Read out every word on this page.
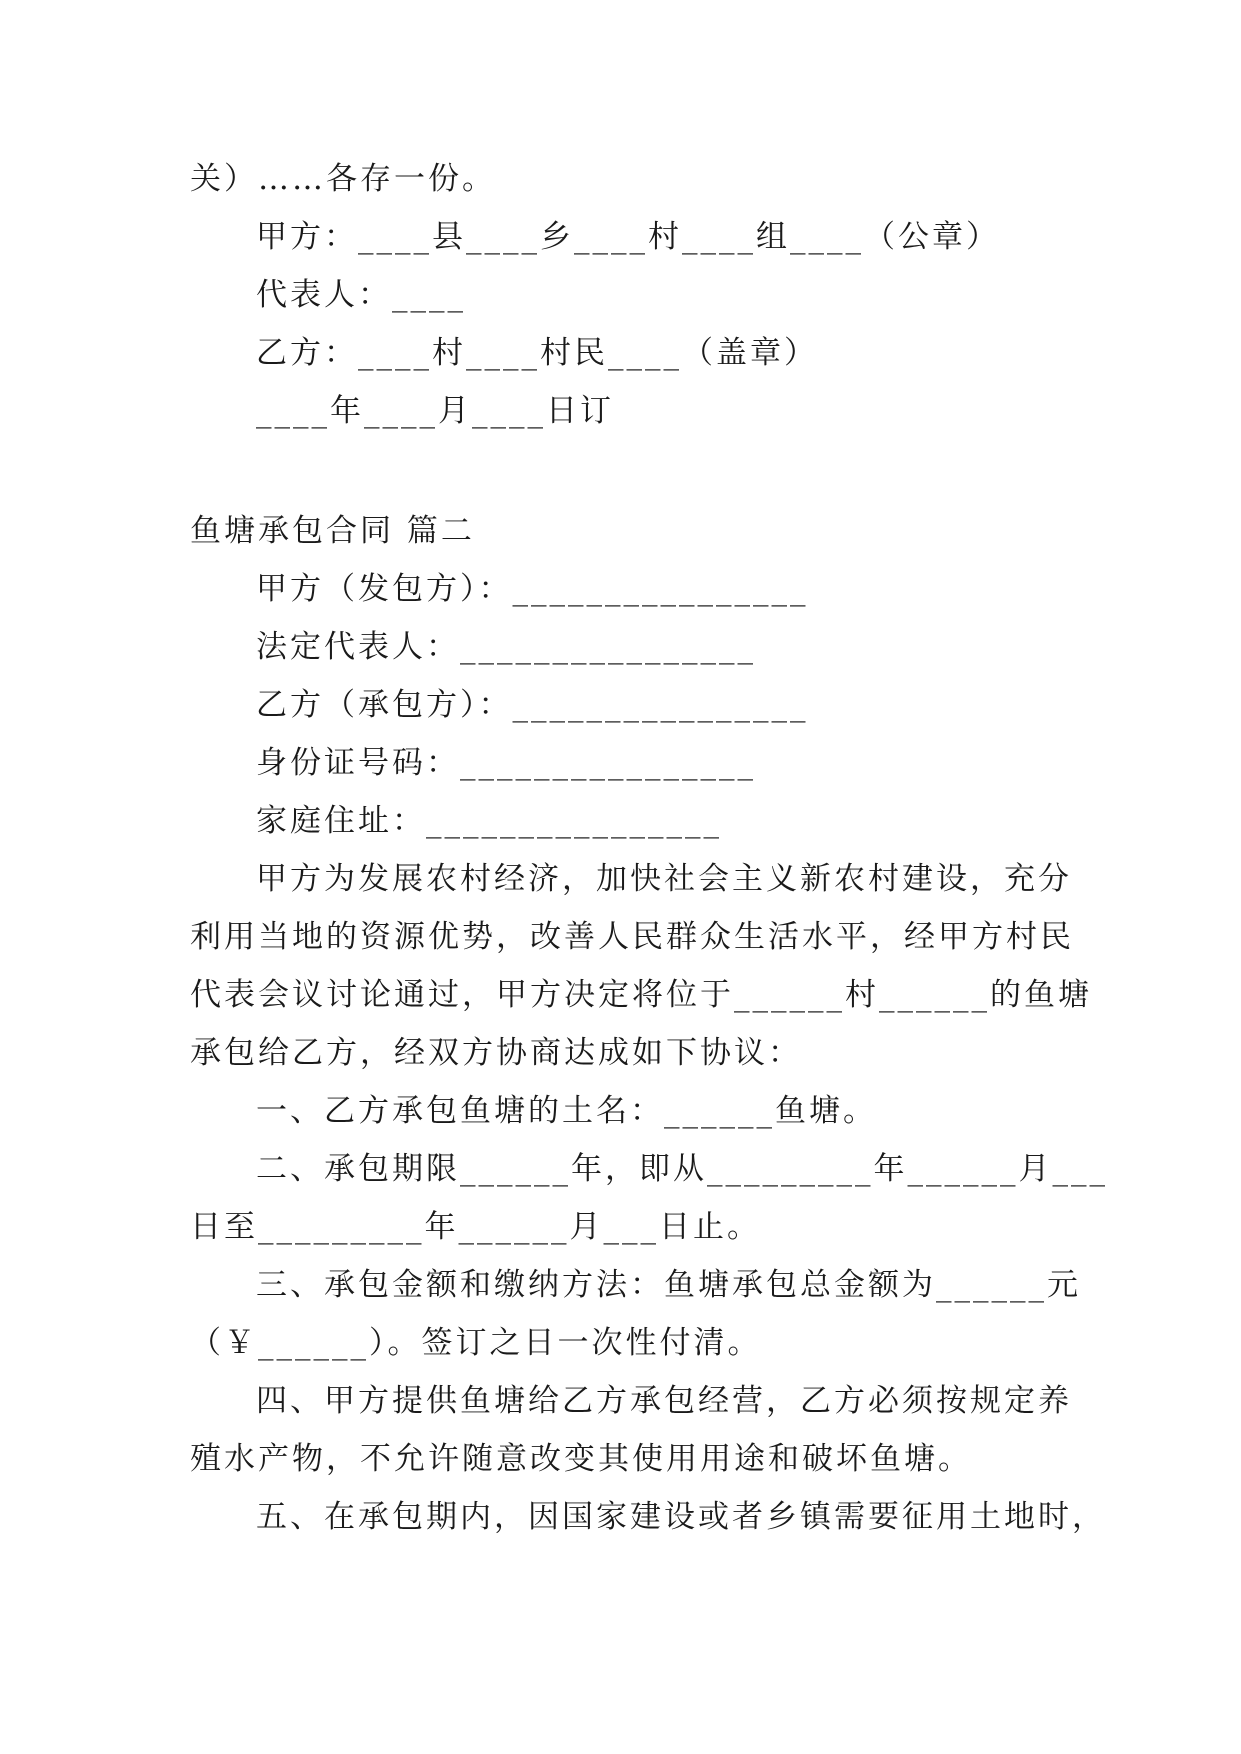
关）……各存一份。
甲方：____县____乡____村____组____（公章）
代表人：____
乙方：____村____村民____（盖章）
____年____月____日订
鱼塘承包合同 篇二
甲方（发包方）：________________
法定代表人：________________
乙方（承包方）：________________
身份证号码：________________
家庭住址：________________
甲方为发展农村经济，加快社会主义新农村建设，充分
利用当地的资源优势，改善人民群众生活水平，经甲方村民
代表会议讨论通过，甲方决定将位于______村______的鱼塘
承包给乙方，经双方协商达成如下协议：
一、乙方承包鱼塘的土名：______鱼塘。
二、承包期限______年，即从_________年______月___
日至_________年______月___日止。
三、承包金额和缴纳方法：鱼塘承包总金额为______元
（￥______）。签订之日一次性付清。
四、甲方提供鱼塘给乙方承包经营，乙方必须按规定养
殖水产物，不允许随意改变其使用用途和破坏鱼塘。
五、在承包期内，因国家建设或者乡镇需要征用土地时，
